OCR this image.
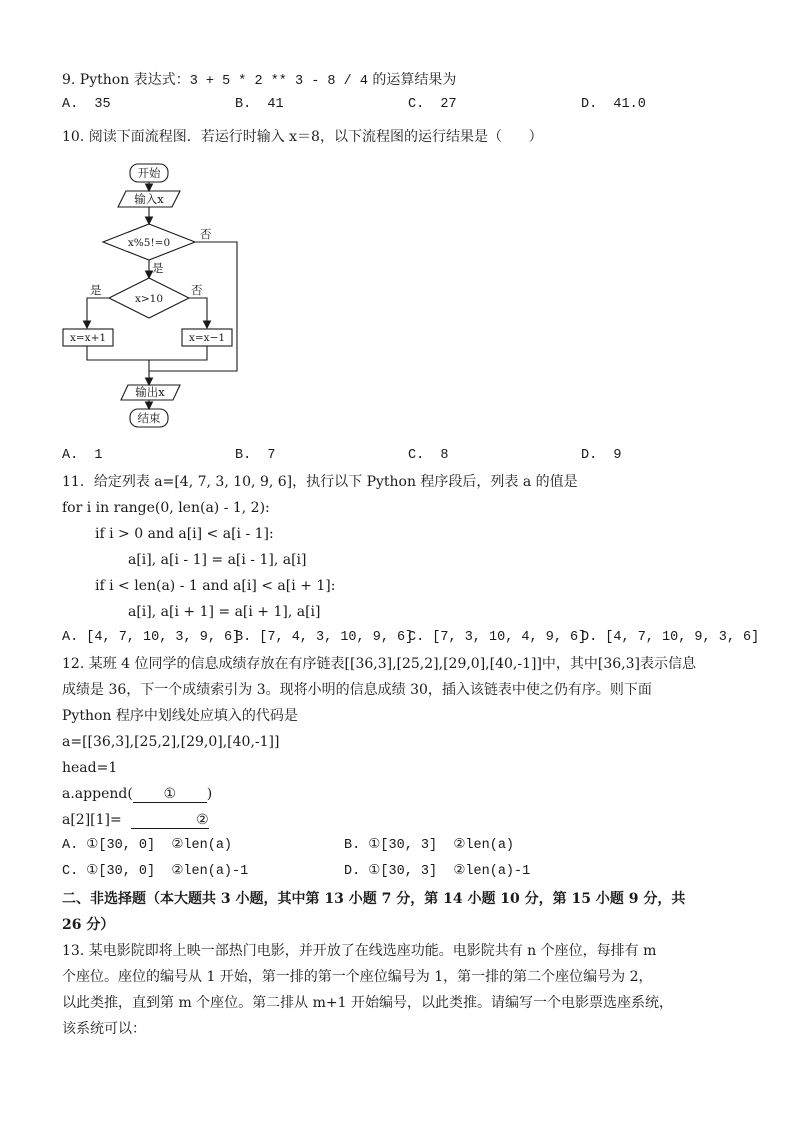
9. Python 表达式：3 + 5 * 2 ** 3 - 8 / 4 的运算结果为
A.  35	B.  41	C.  27	D.  41.0
10. 阅读下面流程图．若运行时输入 x＝8，以下流程图的运行结果是（      ）
开始
输入x
x%5!=0
否
是
x>10
是	否
x=x+1	x=x−1
输出x
结束
A.  1	B.  7	C.  8	D.  9
11．给定列表 a=[4, 7, 3, 10, 9, 6]，执行以下 Python 程序段后，列表 a 的值是
for i in range(0, len(a) - 1, 2):
if i > 0 and a[i] < a[i - 1]:
a[i], a[i - 1] = a[i - 1], a[i]
if i < len(a) - 1 and a[i] < a[i + 1]:
a[i], a[i + 1] = a[i + 1], a[i]
A. [4, 7, 10, 3, 9, 6]
B. [7, 4, 3, 10, 9, 6]
C. [7, 3, 10, 4, 9, 6]
D. [4, 7, 10, 9, 3, 6]
12. 某班 4 位同学的信息成绩存放在有序链表[[36,3],[25,2],[29,0],[40,-1]]中，其中[36,3]表示信息
成绩是 36，下一个成绩索引为 3。现将小明的信息成绩 30，插入该链表中使之仍有序。则下面
Python 程序中划线处应填入的代码是
a=[[36,3],[25,2],[29,0],[40,-1]]
head=1
a.append( ① )
a[2][1]=	②
A. ①[30, 0]  ②len(a)	B. ①[30, 3]  ②len(a)
C. ①[30, 0]  ②len(a)-1	D. ①[30, 3]  ②len(a)-1
二、非选择题（本大题共 3 小题，其中第 13 小题 7 分，第 14 小题 10 分，第 15 小题 9 分，共
26 分）
13. 某电影院即将上映一部热门电影，并开放了在线选座功能。电影院共有 n 个座位，每排有 m
个座位。座位的编号从 1 开始，第一排的第一个座位编号为 1，第一排的第二个座位编号为 2，
以此类推，直到第 m 个座位。第二排从 m+1 开始编号，以此类推。请编写一个电影票选座系统，
该系统可以：
